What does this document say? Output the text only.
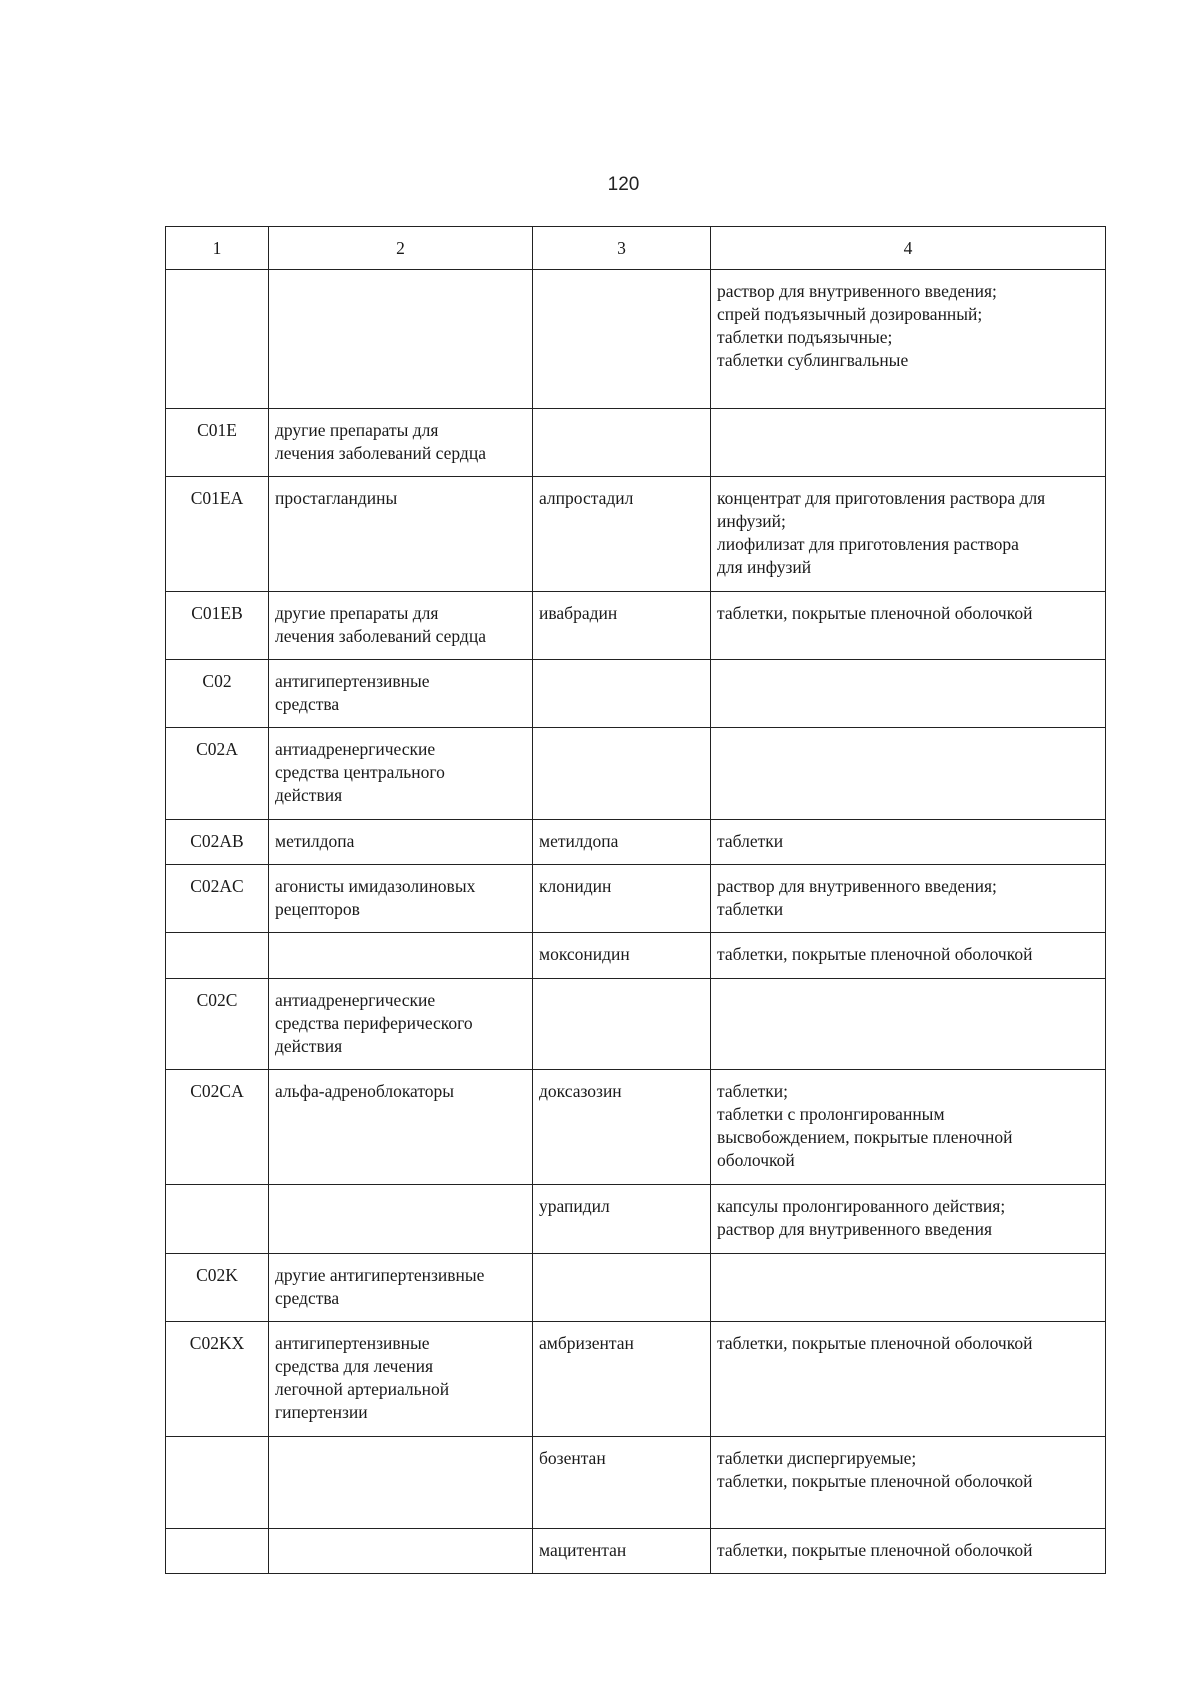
120
1	2	3	4

			раствор для внутривенного введения;
спрей подъязычный дозированный;
таблетки подъязычные;
таблетки сублингвальные

C01E	другие препараты для
лечения заболеваний сердца		

C01EA	простагландины	алпростадил	концентрат для приготовления раствора для
инфузий;
лиофилизат для приготовления раствора
для инфузий

C01EB	другие препараты для
лечения заболеваний сердца	ивабрадин	таблетки, покрытые пленочной оболочкой

C02	антигипертензивные
средства		

C02A	антиадренергические
средства центрального
действия		

C02AB	метилдопа	метилдопа	таблетки

C02AC	агонисты имидазолиновых
рецепторов	клонидин	раствор для внутривенного введения;
таблетки

		моксонидин	таблетки, покрытые пленочной оболочкой

C02C	антиадренергические
средства периферического
действия		

C02CA	альфа-адреноблокаторы	доксазозин	таблетки;
таблетки с пролонгированным
высвобождением, покрытые пленочной
оболочкой

		урапидил	капсулы пролонгированного действия;
раствор для внутривенного введения

C02K	другие антигипертензивные
средства		

C02KX	антигипертензивные
средства для лечения
легочной артериальной
гипертензии	амбризентан	таблетки, покрытые пленочной оболочкой

		бозентан	таблетки диспергируемые;
таблетки, покрытые пленочной оболочкой

		мацитентан	таблетки, покрытые пленочной оболочкой
